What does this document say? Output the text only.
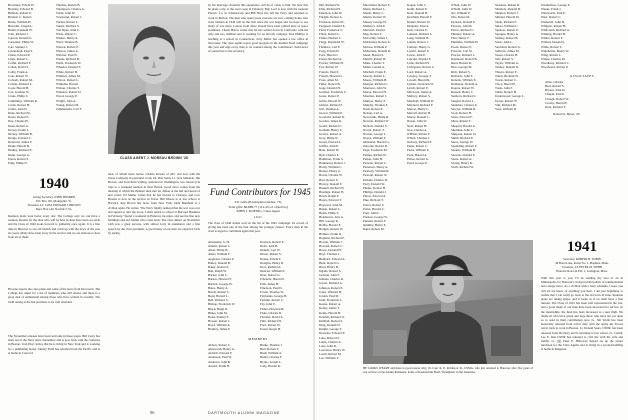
Brownlee, Edwin W.
Buckley, Edward B.
Bullock, Robert E.
Burdett, C. Robert
Burns, William H.
Buscemi, Joseph L.
Butler, Kenneth W.
Cain, Richard J.
Capron, Donald G.
Carpenter, Philip W.
Carr, Samuel J.
Cavanaugh, Paul S.
Chase, Edward P.
Clark, Robert L.
Coffin, Richard F.
Cohen, David S.
Colby, Frank A.
Cole, Robert W.
Colwell, Robert M.
Conant, Richard L.
Cook, Harold B.
Cox, Gardner N.
Crane, Philip S.
Cummings, William R.
Curtis, Robert H.
Cutler, John D.
Dana, Richard W.
Davis, Robert E.
Day, Charles H.
Dean, Robert A.
Dewey, Frank L.
Dickey, William B.
Dodge, Edward C.
Donovan, James F.
Drake, Harold R.
Dudley, Richard E.
Dunn, George A.
Eaton, Robert S.
Eddy, Philip N.
Thomas, Robert B.
Thompson, Charles A.
Tobin, John W.
Townsend, Robert J.
Tucker, Robert L.
Turner, Richard S.
Van Dyke, John L.
Wade, Robert C.
Walker, Henry A.
Ward, Thomas B.
Warren, Robert P.
Watson, James A.
Webster, Paul N.
Weeks, Richard B.
Wells, Frederick W.
Wheeler, Donald E.
White, Robert H.
Whitney, James M.
Wilcox, Robert L.
Williams, Harold
Wilson, Charles T.
Winslow, Robert D.
Wood, George P.
Wright, John A.
Young, Robert M.
Zimmerman, Carl F.
CLASS AGENT J. MOREAU BROWN '28
by his marriage. Possibly this experience will be of value to him. We hear that he plans a trip to the west coast in February. Bob Lord is now with the General Electric Co. in Schenectady and Bill Hays has left the Navy and returned to work in Boston. The men who spent years overseas are now coming home. Our class reunion in 1946 will be the first since the war began and we hope to see many of you there. Letters from those abroad have been printed here as space permitted. Chuck Harris writes that he has settled down in California with his wife and two children and is working for an aircraft company. Don Phillips is teaching at a school in Connecticut. Jerry Miller has opened a law office in Worcester. The class agents report good progress in the Alumni Fund campaign this year and urge every man to be counted among the contributors. Send news of yourselves to the secretary.
1940
Acting Secretary, JOHN HOSMER
P.O. Box 165, Montpelier, Vt.
Treasurer, LT. COM. EDWARD J. BROWN
Dept. Box 140, Norfolk 3, Va.
Reunion plans look better every day. The College says we can have a reunion. Rooms for the men who will be here in June have been set aside and the Class of 1940 looks forward to gathering once again. It is a fine time in Hanover to see old friends and catch up with the news of the past six years. Many have been away in the service and we are anxious to hear from all of them.
Browne reports the class plans and some of the news from his travels. The College has asked for a list of members who will attend, and there is a good deal of enthusiasm among those who have written in recently. The 1940 outing at the Inn promises to be well attended.
The November releases have been welcome in these pages. Bill Carey has been out of the Navy since September and is now back with the company in Boston. Tom Hoyt writes that he is living in New York and is working for a publishing house. Johnny Field has returned from the Pacific and is at home in Concord.
men, of whom more below. Charlie Rowan of ATC and now with the Texas Company in personnel work. Dr. Bob Stern, Lt. Jack Simonds, Jim Howes, and Tom Reid writing, stationed in Washington, two motorcycle trips to a weekend reunion in New Haven. Good news comes from the meeting at which the Bennett men met for dinner at the Inn and heard of new plans. Ed Mailer writes that he has moved to Chicago, and Lew Brooks is now in the service in Texas. Bill Moore is at law school at Harvard. Ray Brown has news from New York. Dick Burnham is a civilian again. He writes: 'The Navy finally realized that the war was over and agreed to turn me loose. I shall return to school at Harvard Business in February.' Spend a weekend in Hanover, he urges, and see the fine new buildings and old friends who come back. The class dinner on November 14th was a great success, with almost forty in attendance and a fine speech by the class president. A good many of our men are expected back by spring.
Fund Contributors for 1945
231 Gifts (Participation Index: 73)
Total gifts: $6,889.77 (112.4% of objective)
JOHN J. KOENIG, Class Agent
1941
The class of 1940 stands well on the list of the 1945 campaign. Its record of giving has been one of the best among the younger classes. Every man in the class is urged to contribute again this year.
Abernethy, A. H.
Adams, Robert L.
Allen, Philip H.
Ames, William F.
Appleton, Charles P.
Bailey, Donald B.
Baker, Robert E.
Ball, Ralph W.
Barker, John C.
Barnes, Howard F.
Bartlett, George H.
Bates, Henry A.
Beach, Robert C.
Bean, Harold L.
Bell, Richard S.
Bishop, Frederick W.
Black, Hugh D.
Blake, John M.
Bond, Stanley T.
Bowen, Robert J.
Boyd, William A.
Bradley, James P.
Davison, Robert E.
Dean, John H.
Dennis, Carl W.
Dixon, Robert S.
Doane, Edwin F.
Douglas, Henry R.
Dow, Richard A.
Duncan, William E.
Dyer, Robert G.
Edwards, Harold P.
Ellis, James B.
Emerson, Paul D.
Evans, Thomas W.
Fairbanks, George B.
Farnum, Robert C.
Fay, John E.
Fisher, Howard M.
Fiske, Charles R.
Fletcher, David A.
Flint, Richard H.
Ford, Robert W.
Foster, Roger B.
MEMBERS
Abbott, Robert C.
Ainsworth, Henry A.
Aldrich, Edward F.
Anderson, Paul W.
Andrews, John B.
Arnold, Frank H.
Burke, Thomas J.
Burr, Robert T.
Bush, William A.
Butler, Charles F.
Byrne, Joseph L.
Cady, Harold R.
96	DARTMOUTH ALUMNI MAGAZINE
Dill, Richard W.
Ellis, Richard H.
Emerson, John W.
Enright, Robert A.
Erickson, Robert K.
Ferguson, Donald E.
Field, Frederick S.
Finch, Robert L.
Fisher, Herbert L.
Flagg, Raymond W.
Flanders, Carl F.
Fogg, Edwin H.
Ford, Harold J.
Foster, Richard A.
Fowler, William H.
Fox, Robert W.
Francis, Paul E.
French, Howard L.
Frost, Allen M.
Fuller, Robert B.
Gage, Donald H.
Gardner, Frederick C.
Gates, Robert P.
Gibbs, Harold W.
Gilbert, Richard F.
Gill, Thomas A.
Glover, William E.
Goodwin, Robert R.
Gordon, James K.
Gould, Richard C.
Graham, Henry T.
Graves, Robert A.
Gray, Philip N.
Green, Edward L.
Griffin, John P.
Hale, Robert H.
Hall, Charles E.
Hamilton, Frank S.
Hammond, Robert J.
Hardy, William C.
Harper, Henry G.
Harris, Charles W.
Hart, Robert E.
Harvey, Donald F.
Haskell, Richard N.
Hastings, Robert B.
Hatch, Ralph P.
Hayes, Edward T.
Hayward, John M.
Hazen, Robert L.
Heath, Philip S.
Henderson, Jack A.
Hill, George R.
Hobbs, Harold E.
Hodges, Robert W.
Holmes, Frank D.
Hopkins, Richard P.
Horton, William J.
Howard, Robert C.
Howe, Donald H.
Hoyt, Thomas L.
Hubbard, Edward A.
Hunt, Robert G.
Hurd, Henry B.
Ingalls, Robert S.
Jackson, John F.
Jenkins, Charles R.
Jewett, Richard A.
Johnson, Robert E.
Jones, William H.
Jordan, Paul M.
Judd, Frederick L.
Keene, Robert A.
Kelley, James T.
Kemp, Harold B.
Kendall, Richard O.
Kimball, Robert S.
King, Donald W.
Knight, George F.
Knowles, Edward P.
Lake, Robert D.
Lamb, Charles A.
Lane, John R.
Lawrence, Henry W.
Leach, Robert M.
Lee, William T.
Macomber, Robert E.
Mann, Richard L.
Marsh, Henry C.
Martin, Robert W.
Mason, George H.
Mathews, John E.
Maxwell, Paul D.
May, Robert F.
McCarthy, James J.
McDonald, Robert A.
McGee, William P.
McKenzie, Donald R.
Mead, Harold S.
Merrill, Robert H.
Miles, Charles T.
Miller, Gerald A.
Mitchell, Frank E.
Moody, Robert L.
Moore, William B.
Morgan, Richard C.
Morrison, John W.
Morse, Edward H.
Moulton, Robert J.
Munroe, Henry P.
Murphy, Thomas F.
Nash, Robert E.
Nelson, Carl A.
Newcomb, Philip R.
Newton, Richard W.
Nichols, Donald S.
Norris, Robert T.
Norton, George L.
Noyes, William F.
Olmstead, Harold G.
Osborne, Robert B.
Page, Frederick M.
Palmer, Richard E.
Parker, John H.
Parsons, Robert C.
Patterson, Henry A.
Peabody, William R.
Pearson, Robert N.
Perkins, Charles D.
Perry, Donald W.
Phelps, Robert H.
Phillips, Donald J.
Pierce, Edward A.
Pike, Richard T.
Porter, Robert S.
Potter, Harold C.
Pratt, John L.
Preston, George W.
Putnam, Robert F.
Quimby, Henry E.
Rand, Robert M.
Kagan, John C.
Keith, Robert E.
Kent, Donald H.
Ketchum, Harold F.
Kidder, Robert W.
Kingsley, Paul A.
Kirk, Charles E.
Lamson, Richard S.
Lang, William B.
Larkin, Robert J.
Lathrop, Henry G.
Leavitt, Robert P.
Lewis, John E.
Lincoln, Donald F.
Little, Richard H.
Livingston, Robert C.
Lord, Robert A.
Lovejoy, George T.
Lowell, Harold R.
Lyman, Frederick W.
Lynch, Robert E.
MacLeod, James A.
Mallory, Robert S.
Marshall, William D.
Maynard, Richard F.
Mercer, Henry L.
Metcalf, Robert B.
Morey, Donald C.
Nason, John W.
Neal, Robert H.
Nye, Charles A.
O'Brien, Robert F.
O'Neil, Thomas J.
Ordway, Richard P.
Paine, Robert C.
Parks, William E.
Peck, Harold A.
Pettee, Robert G.
Pond, George E.
O'Neil, John W.
O'Neill, John W.
Orr, William P.
Otis, Robert R.
Packard, Donald E.
Parsons, John B.
Peirce, Richard C.
Phinney, Robert A.
Platt, Henry F.
Plummer, William H.
Poole, Robert E.
Prescott, Carl W.
Proctor, Richard L.
Raymond, Robert B.
Reed, Harold D.
Rice, George M.
Rich, Robert S.
Richards, John F.
Roberts, William E.
Robinson, Donald A.
Rogers, Robert W.
Russell, Henry C.
Sanborn, Richard J.
Sargent, Robert L.
Saunders, Charles P.
Sawyer, William R.
Scott, Robert H.
Sears, Edward F.
Shaw, Robert T.
Shepard, Harold A.
Sherman, John C.
Simpson, Robert D.
Smith, Richard E.
Snow, George W.
Spaulding, Robert F.
Stearns, William B.
Stevens, Donald P.
Stone, Robert A.
Strong, Henry R.
Swift, Richard W.
Sessions, Robert R.
Shattuck, Donald B.
Sheldon, Robert J.
Skinner, Harold W.
Slade, Richard F.
Smart, William C.
Spencer, Robert E.
Sprague, Henry A.
Stanley, Robert B.
Stark, John L.
Stoddard, Robert G.
Sullivan, James M.
Sweet, Charles H.
Taft, Robert S.
Taylor, William A.
Tenney, Donald R.
Thayer, Robert E.
Tilton, Richard W.
Towle, Robert C.
Tracy, Harold P.
Trask, John F.
Tuttle, Robert H.
Underwood, George L.
Upton, Robert W.
Vail, Richard M.
Vose, William D.
Weatherbee, George E.
Weeks, Frank J.
Wentworth, Paul E.
West, Robert C.
Wetherell, John D.
Whipple, Robert H.
Whitcomb, Richard A.
Whiting, Harold B.
Wilder, Robert E.
Willard, Donald S.
Willis, Robert T.
Winchester, Henry W.
Wing, Robert L.
Winter, Charles M.
Woodbury, Richard C.
Woodward, Robert P.
ASSOCIATES
Abbe, Charles
Beal, Robert S.
Bryant, John D.
Chapin, Paul E.
Clough, Robert W.
Crosby, Harold F.
Dole, Richard T.
Robert W. Hever, '40
HE LOOKS WEARY and there is good reason why; it's Capt. R. E. Robinson '41, USMA, who just returned to Hanover after five years of war service on the Alaska Peninsula, home of Kuskokwim Field, Wrangham, in the Aleutians.
1941
Secretary, ROBERT B. TOBIN
49 Bond Lane, Rome No. 1, Hopkins, Minn.
Treasurer, LT. PETER M. WEBB
Hanover Road, R.F.D. 1, Lexington, Mass.
With this year to you, I'll be sending my best of all in Minneapolis for Hanover's well-provided public accommodations and college news. As a civilian with a busy schedule, I hope you will let me know of anything you hear. I am just beginning to realize that I can really go back to the old town in June. Reunion plans are taking shape, and it looks as if we shall have a fine turnout. The Class of 1941 has been well represented in the war, and a good many of our men have been decorated for service. In the meanwhile, the fund has been increased to a new high. We thank all who have given and urge those who have not yet done so to send in their contribution now. Lt. Jim Wolfe has been honorably released from active duty with the Army Air Forces and is back at work in Boston. Lt. Donald Sears, USNR, has been released from the Navy and is returning to law school. Lt. Comdr. Lee E. Rau USNR has returned to civil life with his wife and family. Lt. (jg) Peter E. Halloway helped set up the award luncheon for the Class Agents and is living in a second-building at home in Kingston.
